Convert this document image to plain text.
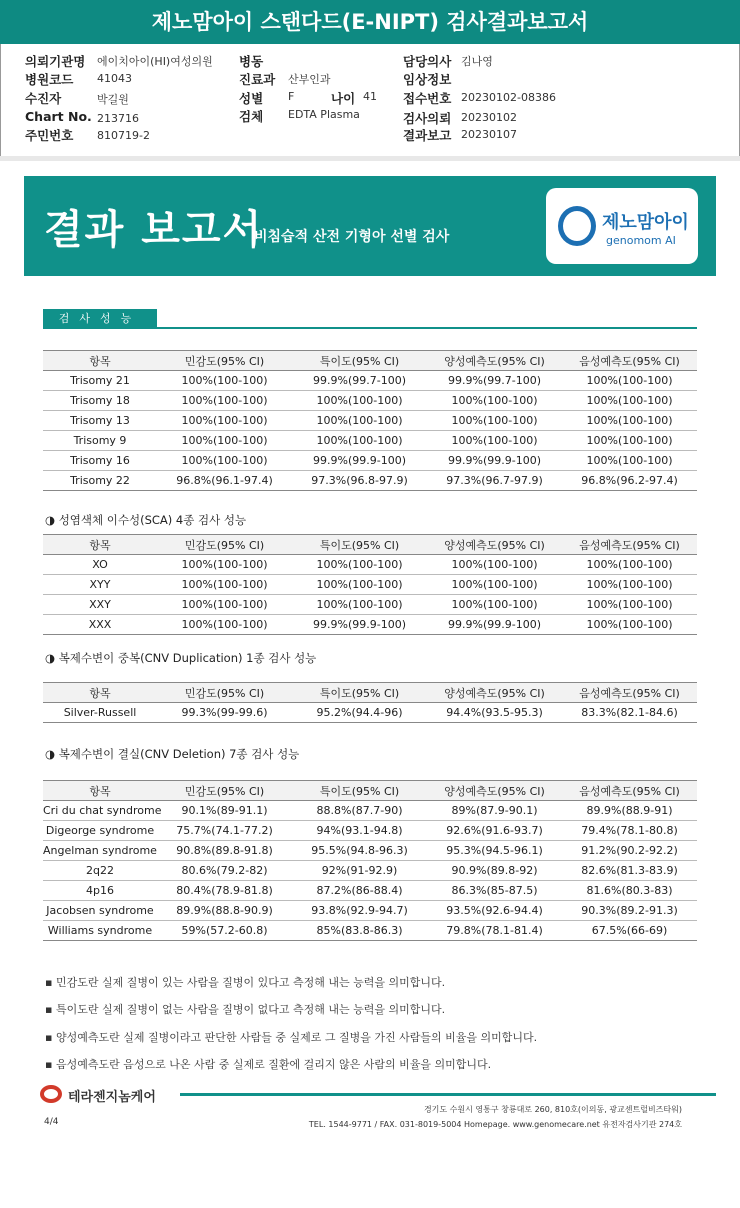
제노맘아이 스탠다드(E-NIPT) 검사결과보고서
의뢰기관명 에이치아이(HI)여성의원 병동	담당의사 김나영
병원코드 41043	진료과 산부인과	임상정보
수진자	박길원	성별 F	나이 41 접수번호 20230102-08386
Chart No. 213716	검체 EDTA Plasma	검사의뢰 20230102
주민번호 810719-2	결과보고 20230107
결과 보고서
비침습적 산전 기형아 선별 검사
제노맘아이
genomom AI
검사성능
항목	민감도(95% CI)	특이도(95% CI)	양성예측도(95% CI)	음성예측도(95% CI)
Trisomy 21	100%(100-100)	99.9%(99.7-100)	99.9%(99.7-100)	100%(100-100)
Trisomy 18	100%(100-100)	100%(100-100)	100%(100-100)	100%(100-100)
Trisomy 13	100%(100-100)	100%(100-100)	100%(100-100)	100%(100-100)
Trisomy 9	100%(100-100)	100%(100-100)	100%(100-100)	100%(100-100)
Trisomy 16	100%(100-100)	99.9%(99.9-100)	99.9%(99.9-100)	100%(100-100)
Trisomy 22	96.8%(96.1-97.4)	97.3%(96.8-97.9)	97.3%(96.7-97.9)	96.8%(96.2-97.4)
◑ 성염색체 이수성(SCA) 4종 검사 성능
항목	민감도(95% CI)	특이도(95% CI)	양성예측도(95% CI)	음성예측도(95% CI)
XO	100%(100-100)	100%(100-100)	100%(100-100)	100%(100-100)
XYY	100%(100-100)	100%(100-100)	100%(100-100)	100%(100-100)
XXY	100%(100-100)	100%(100-100)	100%(100-100)	100%(100-100)
XXX	100%(100-100)	99.9%(99.9-100)	99.9%(99.9-100)	100%(100-100)
◑ 복제수변이 중복(CNV Duplication) 1종 검사 성능
항목	민감도(95% CI)	특이도(95% CI)	양성예측도(95% CI)	음성예측도(95% CI)
Silver-Russell	99.3%(99-99.6)	95.2%(94.4-96)	94.4%(93.5-95.3)	83.3%(82.1-84.6)
◑ 복제수변이 결실(CNV Deletion) 7종 검사 성능
항목	민감도(95% CI)	특이도(95% CI)	양성예측도(95% CI)	음성예측도(95% CI)
Cri du chat syndrome	90.1%(89-91.1)	88.8%(87.7-90)	89%(87.9-90.1)	89.9%(88.9-91)
Digeorge syndrome	75.7%(74.1-77.2)	94%(93.1-94.8)	92.6%(91.6-93.7)	79.4%(78.1-80.8)
Angelman syndrome	90.8%(89.8-91.8)	95.5%(94.8-96.3)	95.3%(94.5-96.1)	91.2%(90.2-92.2)
2q22	80.6%(79.2-82)	92%(91-92.9)	90.9%(89.8-92)	82.6%(81.3-83.9)
4p16	80.4%(78.9-81.8)	87.2%(86-88.4)	86.3%(85-87.5)	81.6%(80.3-83)
Jacobsen syndrome	89.9%(88.8-90.9)	93.8%(92.9-94.7)	93.5%(92.6-94.4)	90.3%(89.2-91.3)
Williams syndrome	59%(57.2-60.8)	85%(83.8-86.3)	79.8%(78.1-81.4)	67.5%(66-69)
▪ 민감도란 실제 질병이 있는 사람을 질병이 있다고 측정해 내는 능력을 의미합니다.
▪ 특이도란 실제 질병이 없는 사람을 질병이 없다고 측정해 내는 능력을 의미합니다.
▪ 양성예측도란 실제 질병이라고 판단한 사람들 중 실제로 그 질병을 가진 사람들의 비율을 의미합니다.
▪ 음성예측도란 음성으로 나온 사람 중 실제로 질환에 걸리지 않은 사람의 비율을 의미합니다.
테라젠지놈케어
경기도 수원시 영통구 창룡대로 260, 810호(이의동, 광교센트럴비즈타워)
TEL. 1544-9771 / FAX. 031-8019-5004 Homepage. www.genomecare.net 유전자검사기관 274호
4/4
